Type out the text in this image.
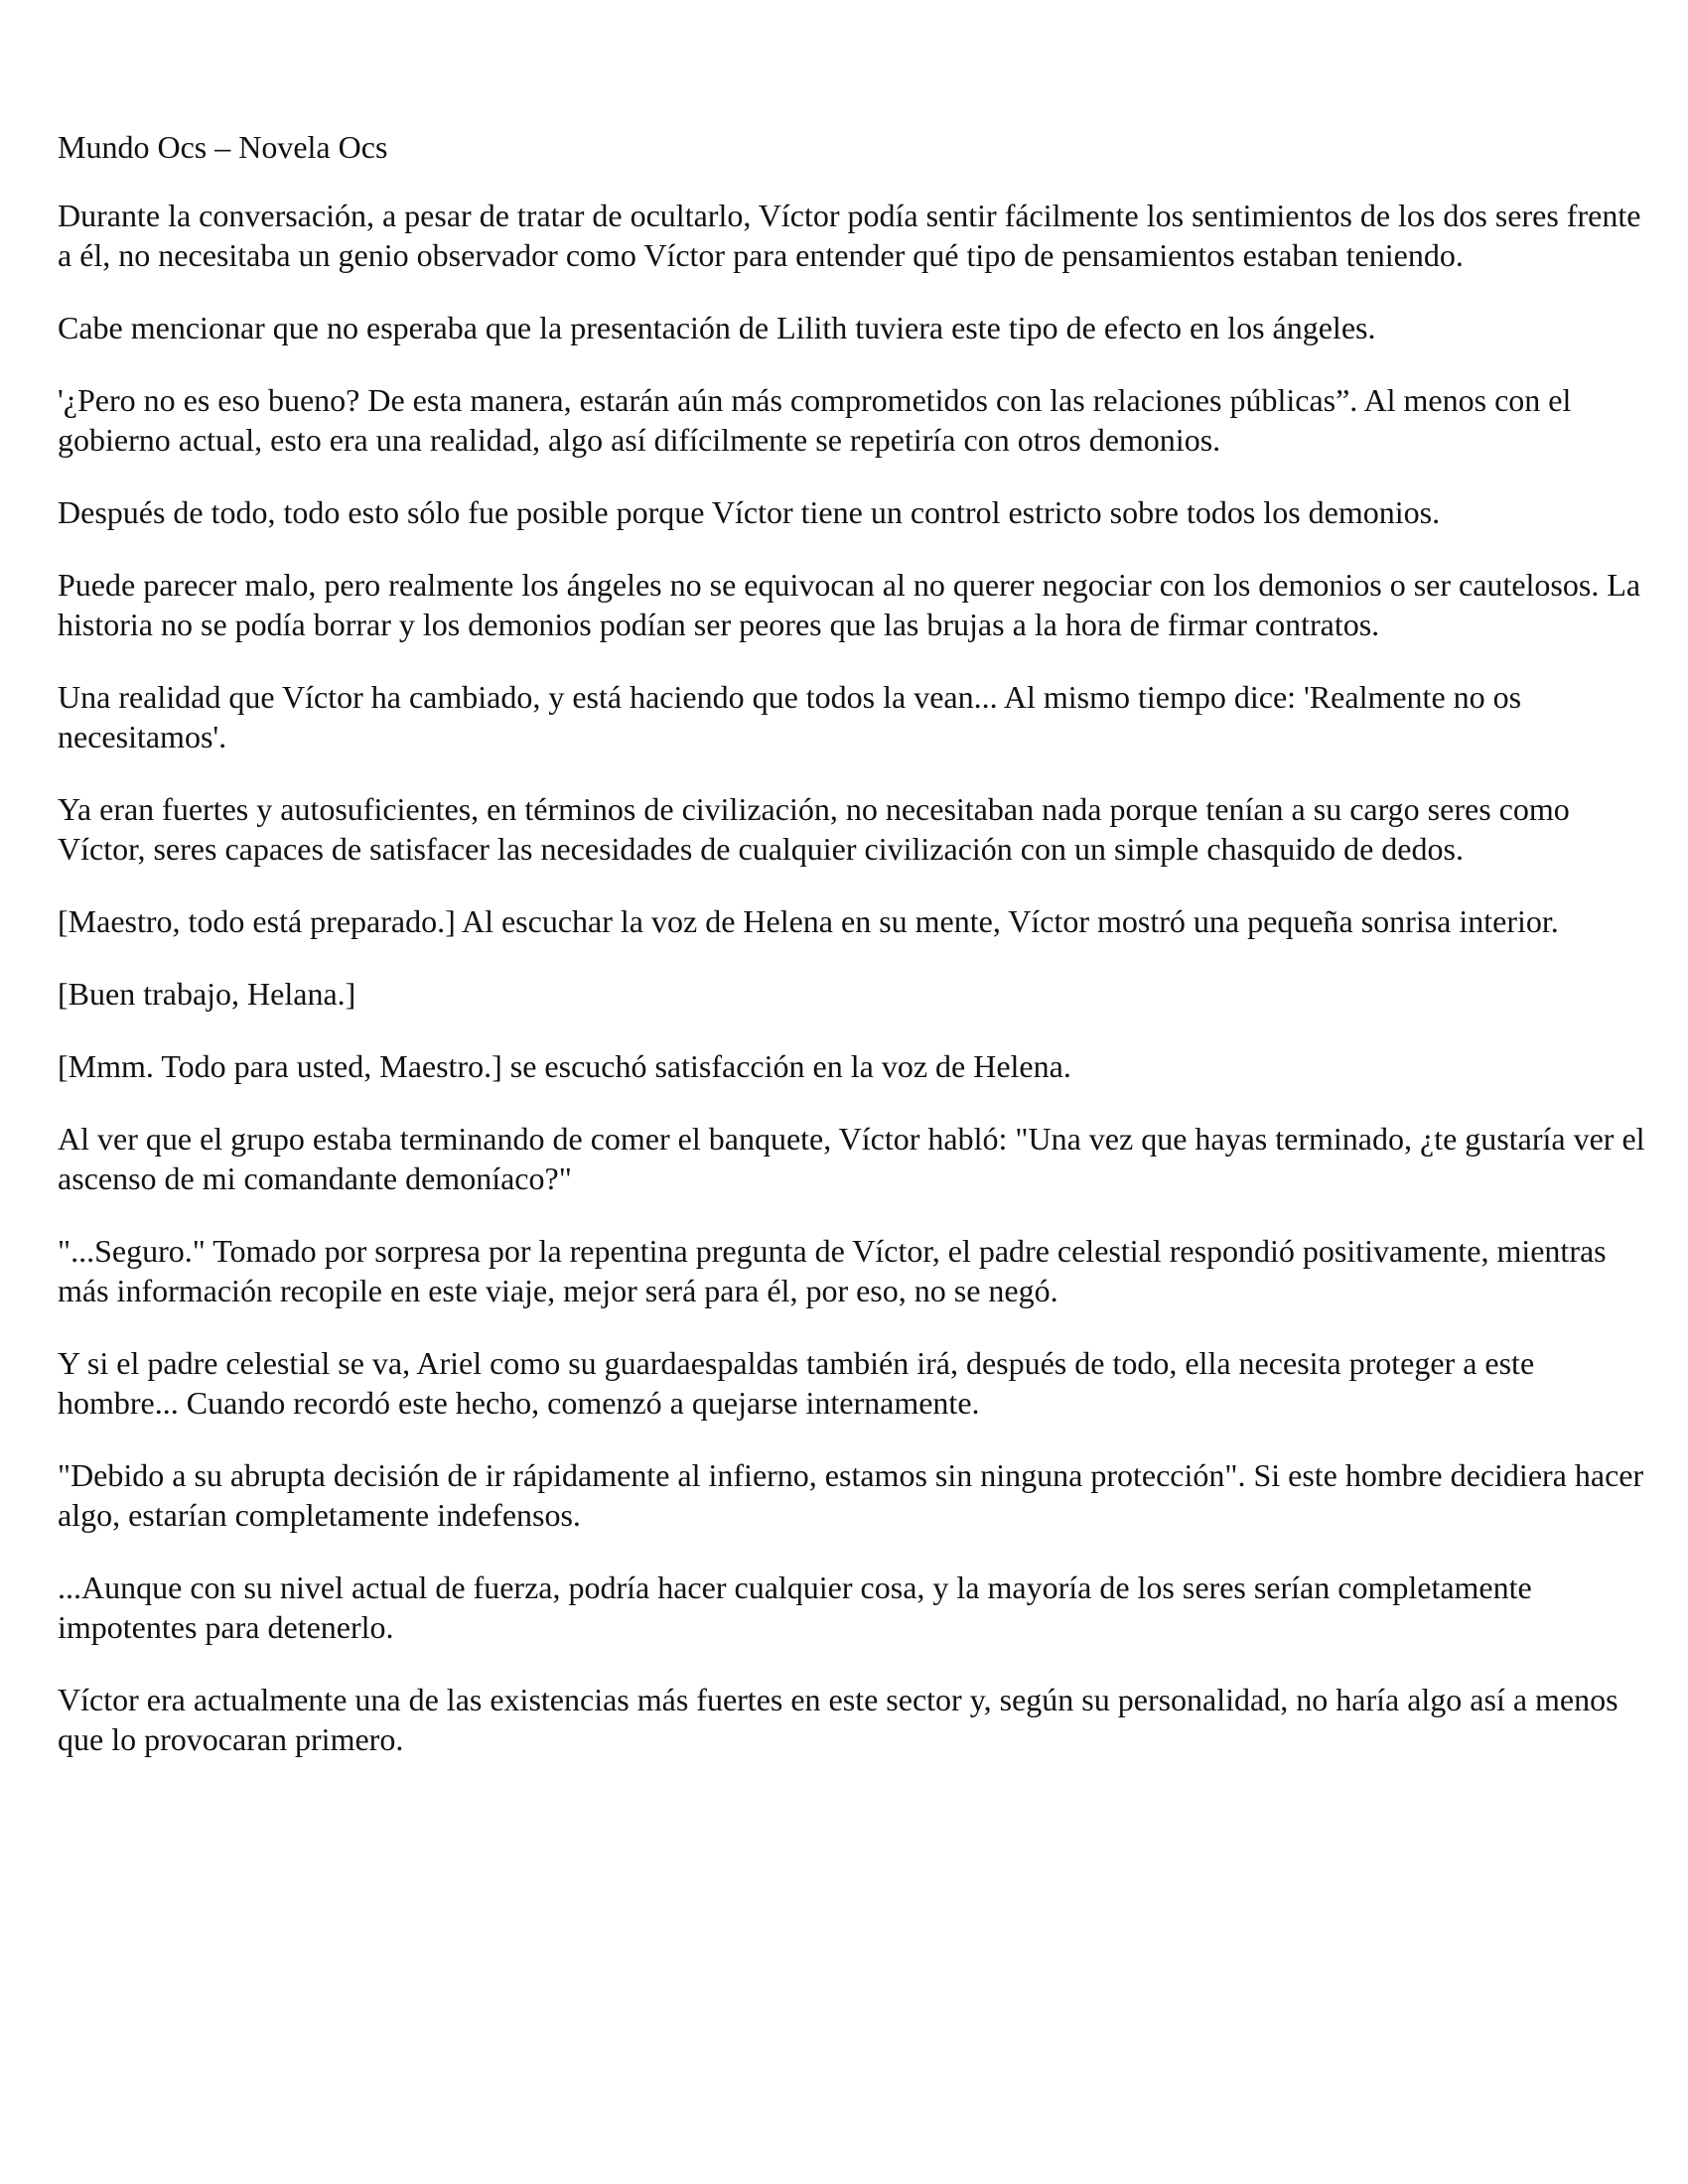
Mundo Ocs – Novela Ocs

Durante la conversación, a pesar de tratar de ocultarlo, Víctor podía sentir fácilmente los sentimientos de los dos seres frente a él, no necesitaba un genio observador como Víctor para entender qué tipo de pensamientos estaban teniendo.

Cabe mencionar que no esperaba que la presentación de Lilith tuviera este tipo de efecto en los ángeles.

'¿Pero no es eso bueno? De esta manera, estarán aún más comprometidos con las relaciones públicas”. Al menos con el gobierno actual, esto era una realidad, algo así difícilmente se repetiría con otros demonios.

Después de todo, todo esto sólo fue posible porque Víctor tiene un control estricto sobre todos los demonios.

Puede parecer malo, pero realmente los ángeles no se equivocan al no querer negociar con los demonios o ser cautelosos. La historia no se podía borrar y los demonios podían ser peores que las brujas a la hora de firmar contratos.

Una realidad que Víctor ha cambiado, y está haciendo que todos la vean... Al mismo tiempo dice: 'Realmente no os necesitamos'.

Ya eran fuertes y autosuficientes, en términos de civilización, no necesitaban nada porque tenían a su cargo seres como Víctor, seres capaces de satisfacer las necesidades de cualquier civilización con un simple chasquido de dedos.

[Maestro, todo está preparado.] Al escuchar la voz de Helena en su mente, Víctor mostró una pequeña sonrisa interior.

[Buen trabajo, Helana.]

[Mmm. Todo para usted, Maestro.] se escuchó satisfacción en la voz de Helena.

Al ver que el grupo estaba terminando de comer el banquete, Víctor habló: "Una vez que hayas terminado, ¿te gustaría ver el ascenso de mi comandante demoníaco?"

"...Seguro." Tomado por sorpresa por la repentina pregunta de Víctor, el padre celestial respondió positivamente, mientras más información recopile en este viaje, mejor será para él, por eso, no se negó.

Y si el padre celestial se va, Ariel como su guardaespaldas también irá, después de todo, ella necesita proteger a este hombre... Cuando recordó este hecho, comenzó a quejarse internamente.

"Debido a su abrupta decisión de ir rápidamente al infierno, estamos sin ninguna protección". Si este hombre decidiera hacer algo, estarían completamente indefensos.

...Aunque con su nivel actual de fuerza, podría hacer cualquier cosa, y la mayoría de los seres serían completamente impotentes para detenerlo.

Víctor era actualmente una de las existencias más fuertes en este sector y, según su personalidad, no haría algo así a menos que lo provocaran primero.
